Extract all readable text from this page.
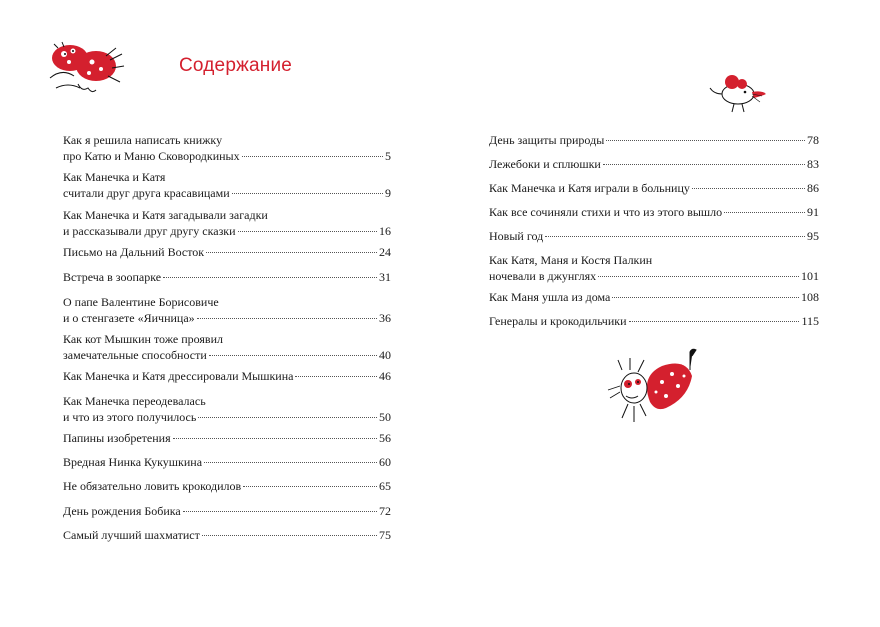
Содержание
Как я решила написать книжку
про Катю и Маню Сковородкиных	5
Как Манечка и Катя
считали друг друга красавицами	9
Как Манечка и Катя загадывали загадки
и рассказывали друг другу сказки	16
Письмо на Дальний Восток	24
Встреча в зоопарке	31
О папе Валентине Борисовиче
и о стенгазете «Яичница»	36
Как кот Мышкин тоже проявил
замечательные способности	40
Как Манечка и Катя дрессировали Мышкина	46
Как Манечка переодевалась
и что из этого получилось	50
Папины изобретения	56
Вредная Нинка Кукушкина	60
Не обязательно ловить крокодилов	65
День рождения Бобика	72
Самый лучший шахматист	75
День защиты природы	78
Лежебоки и сплюшки	83
Как Манечка и Катя играли в больницу	86
Как все сочиняли стихи и что из этого вышло	91
Новый год	95
Как Катя, Маня и Костя Палкин
ночевали в джунглях	101
Как Маня ушла из дома	108
Генералы и крокодильчики	115
